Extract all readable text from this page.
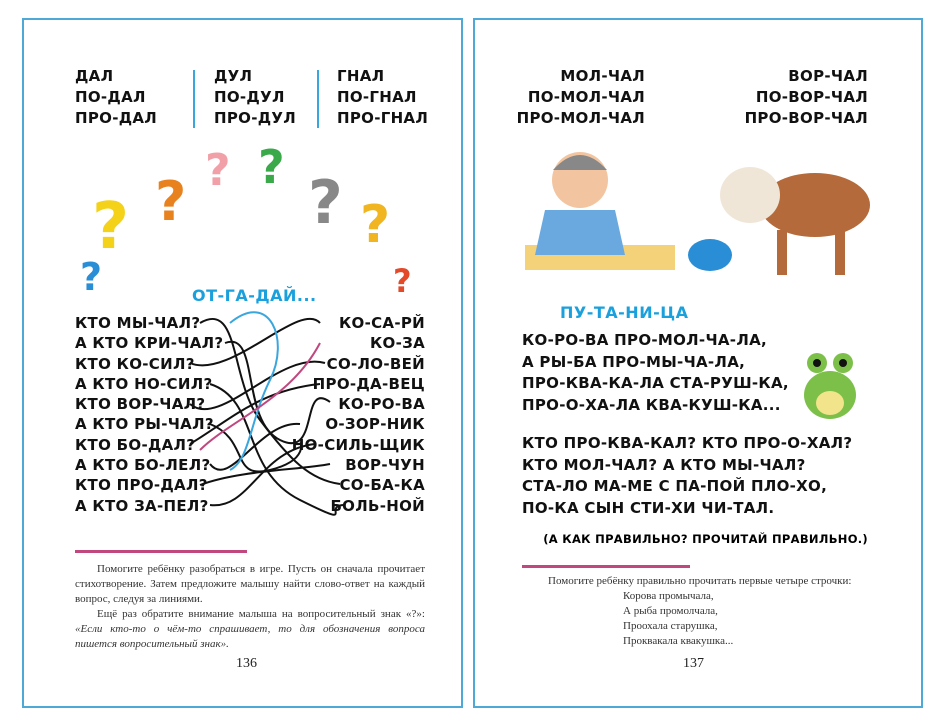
ДАЛ
ПО-ДАЛ
ПРО-ДАЛ
ДУЛ
ПО-ДУЛ
ПРО-ДУЛ
ГНАЛ
ПО-ГНАЛ
ПРО-ГНАЛ
? ? ? ?
? ?
?	?
ОТ-ГА-ДАЙ...
КТО МЫ-ЧАЛ?
А КТО КРИ-ЧАЛ?
КТО КО-СИЛ?
А КТО НО-СИЛ?
КТО ВОР-ЧАЛ?
А КТО РЫ-ЧАЛ?
КТО БО-ДАЛ?
А КТО БО-ЛЕЛ?
КТО ПРО-ДАЛ?
А КТО ЗА-ПЕЛ?
КО-СА-РЙ
КО-ЗА
СО-ЛО-ВЕЙ
ПРО-ДА-ВЕЦ
КО-РО-ВА
О-ЗОР-НИК
НО-СИЛЬ-ЩИК
ВОР-ЧУН
СО-БА-КА
БОЛЬ-НОЙ
Помогите ребёнку разобраться в игре. Пусть он сначала прочитает стихотворение. Затем предложите малышу найти слово-ответ на каждый вопрос, следуя за линиями.
Ещё раз обратите внимание малыша на вопросительный знак «?»: «Если кто-то о чём-то спрашивает, то для обозначения вопроса пишется вопросительный знак».
136
МОЛ-ЧАЛ
ПО-МОЛ-ЧАЛ
ПРО-МОЛ-ЧАЛ
ВОР-ЧАЛ
ПО-ВОР-ЧАЛ
ПРО-ВОР-ЧАЛ
ПУ-ТА-НИ-ЦА
КО-РО-ВА ПРО-МОЛ-ЧА-ЛА,
А РЫ-БА ПРО-МЫ-ЧА-ЛА,
ПРО-КВА-КА-ЛА СТА-РУШ-КА,
ПРО-О-ХА-ЛА КВА-КУШ-КА...
КТО ПРО-КВА-КАЛ? КТО ПРО-О-ХАЛ?
КТО МОЛ-ЧАЛ? А КТО МЫ-ЧАЛ?
СТА-ЛО МА-МЕ С ПА-ПОЙ ПЛО-ХО,
ПО-КА СЫН СТИ-ХИ ЧИ-ТАЛ.
(А КАК ПРАВИЛЬНО? ПРОЧИТАЙ ПРАВИЛЬНО.)
Помогите ребёнку правильно прочитать первые четыре строчки:
Корова промычала,
А рыба промолчала,
Проохала старушка,
Проквакала квакушка...
137
